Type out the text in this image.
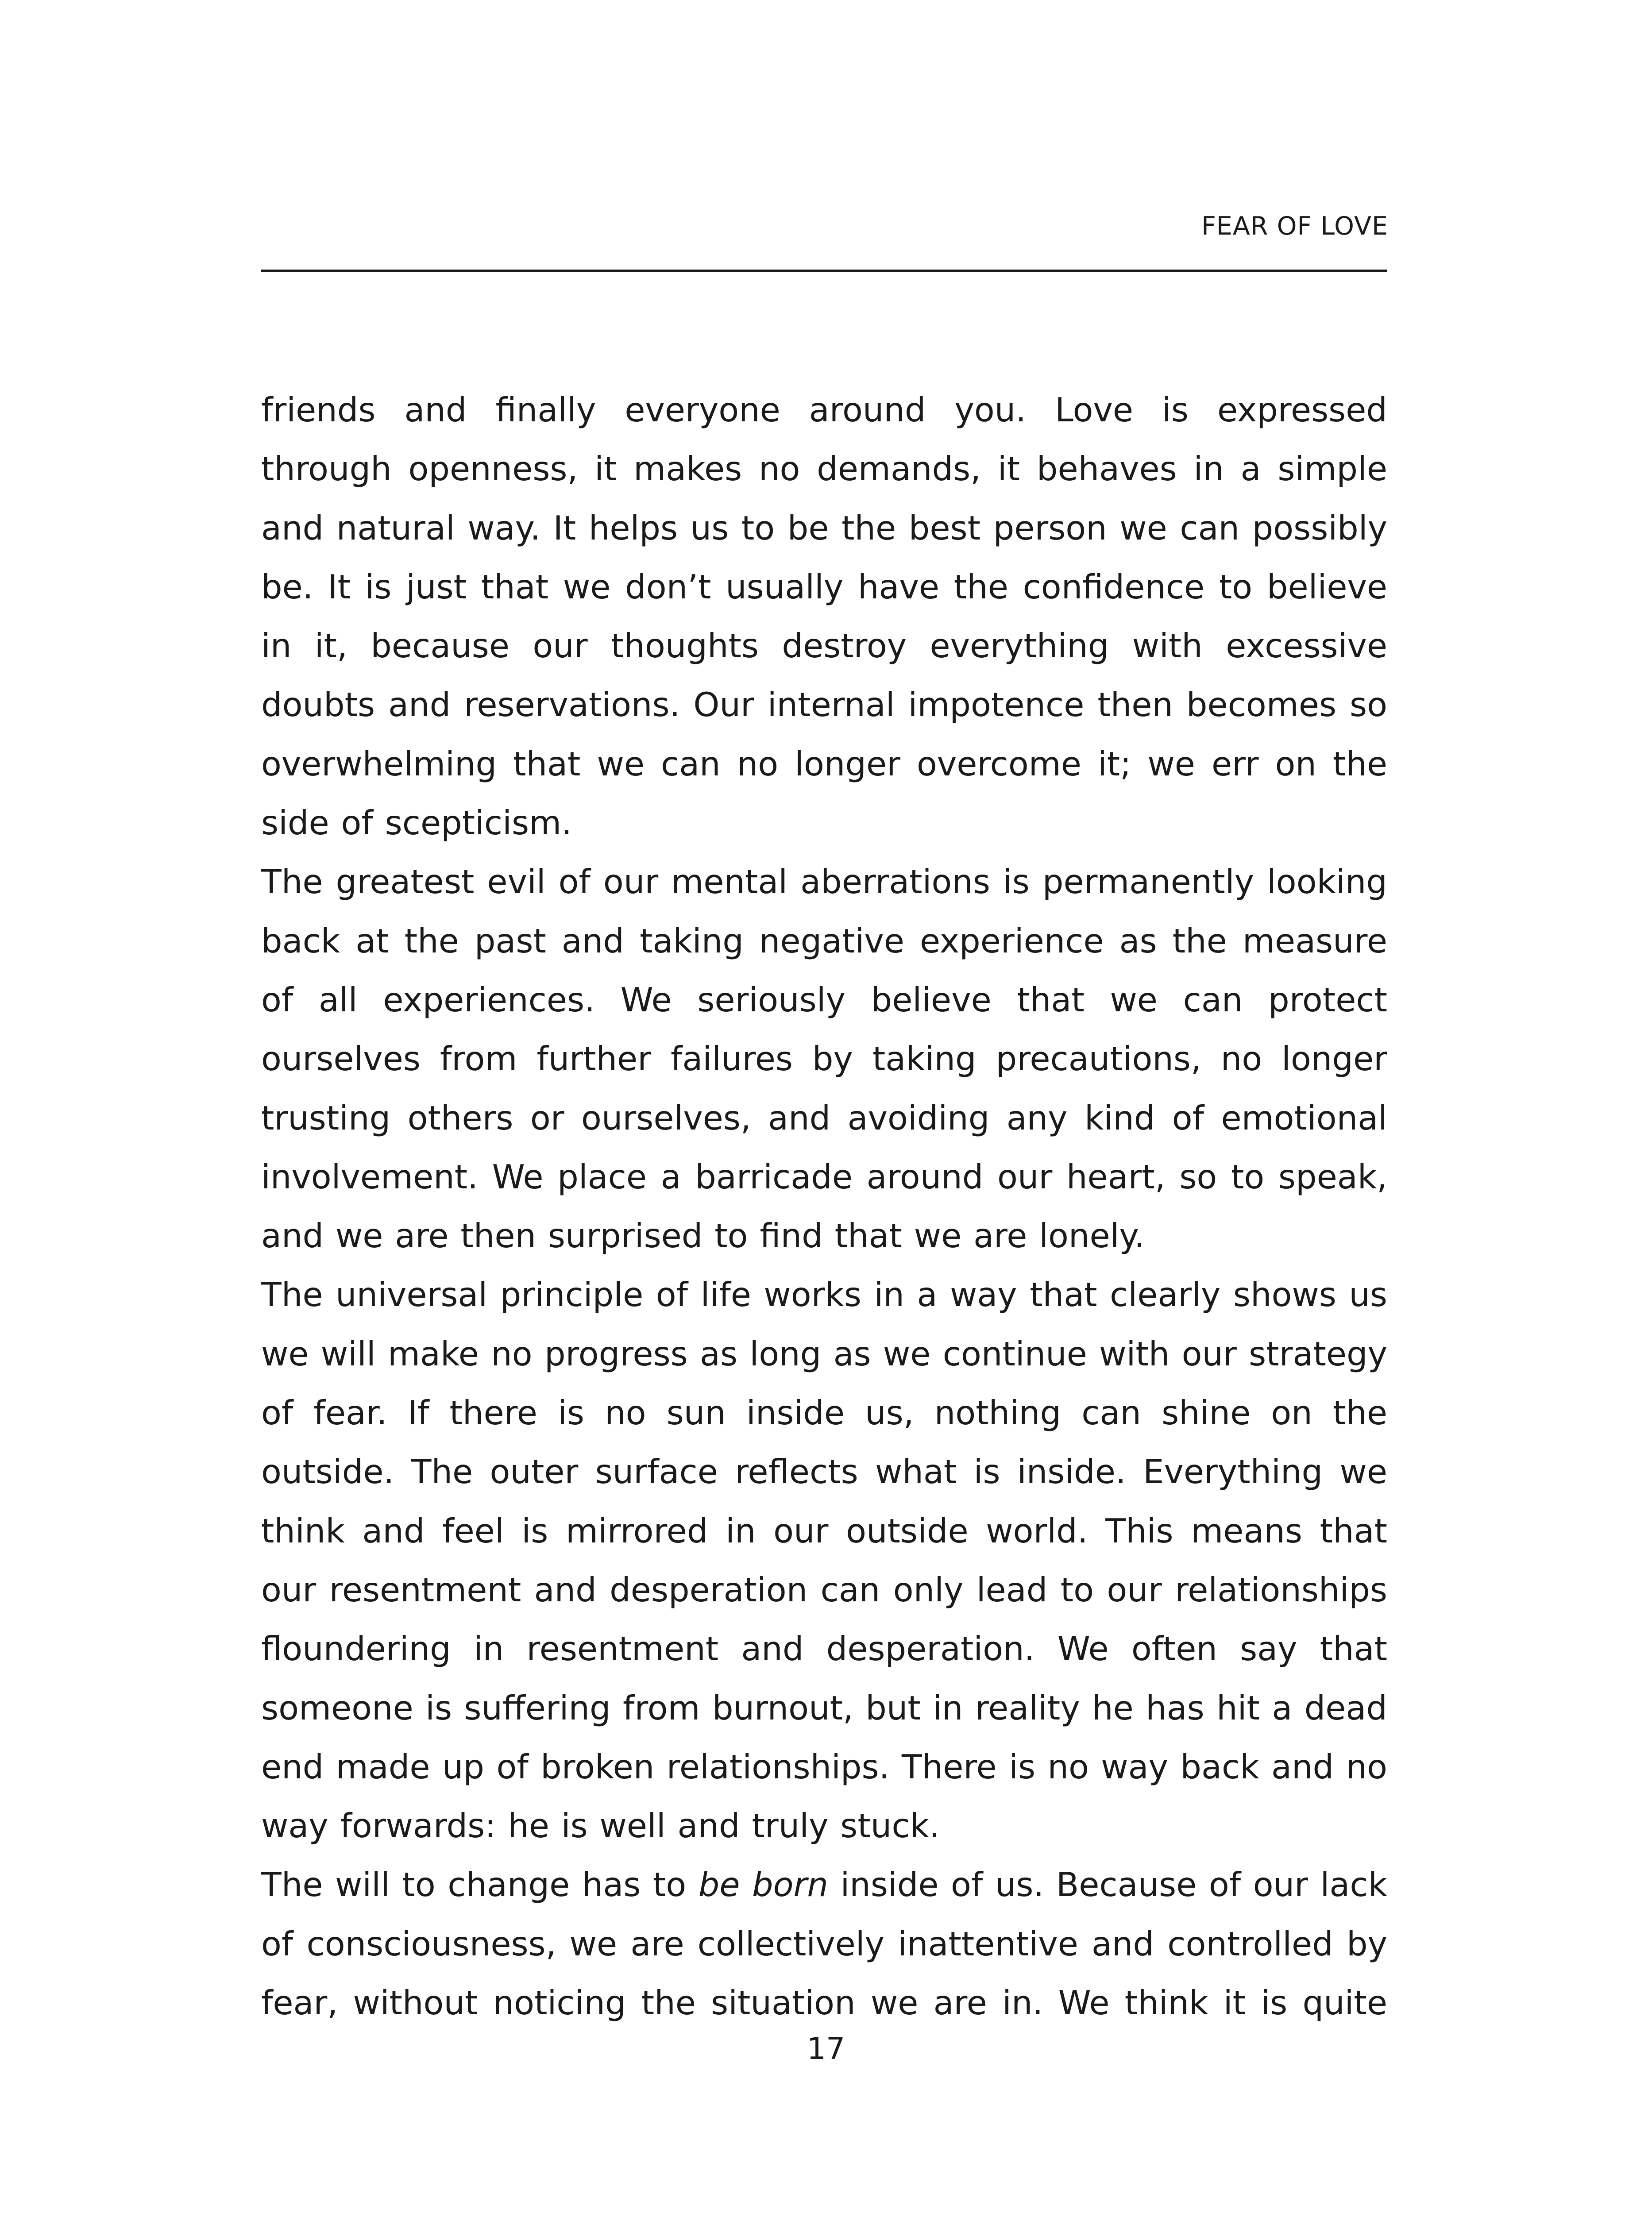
FEAR OF LOVE

friends and finally everyone around you. Love is expressed through openness, it makes no demands, it behaves in a simple and natural way. It helps us to be the best person we can possibly be. It is just that we don’t usually have the confidence to believe in it, because our thoughts destroy everything with excessive doubts and reservations. Our internal impotence then becomes so overwhelming that we can no longer overcome it; we err on the side of scepticism.

The greatest evil of our mental aberrations is permanently looking back at the past and taking negative experience as the measure of all experiences. We seriously believe that we can protect ourselves from further failures by taking precautions, no longer trusting others or ourselves, and avoiding any kind of emotional involvement. We place a barricade around our heart, so to speak, and we are then surprised to find that we are lonely.

The universal principle of life works in a way that clearly shows us we will make no progress as long as we continue with our strategy of fear. If there is no sun inside us, nothing can shine on the outside. The outer surface reflects what is inside. Everything we think and feel is mirrored in our outside world. This means that our resentment and desperation can only lead to our relationships floundering in resentment and desperation. We often say that someone is suffering from burnout, but in reality he has hit a dead end made up of broken relationships. There is no way back and no way forwards: he is well and truly stuck.

The will to change has to be born inside of us. Because of our lack of consciousness, we are collectively inattentive and controlled by fear, without noticing the situation we are in. We think it is quite

17
